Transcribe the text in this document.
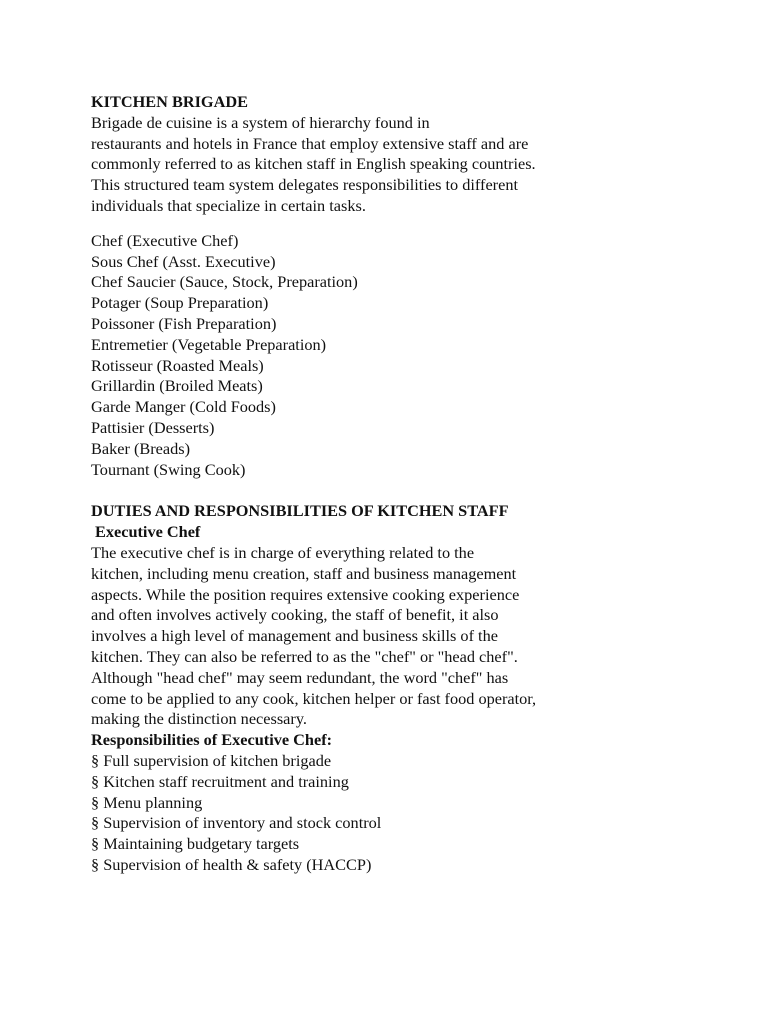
KITCHEN BRIGADE
Brigade de cuisine is a system of hierarchy found in
restaurants and hotels in France that employ extensive staff and are
commonly referred to as kitchen staff in English speaking countries.
This structured team system delegates responsibilities to different
individuals that specialize in certain tasks.
Chef (Executive Chef)
Sous Chef (Asst. Executive)
Chef Saucier (Sauce, Stock, Preparation)
Potager (Soup Preparation)
Poissoner (Fish Preparation)
Entremetier (Vegetable Preparation)
Rotisseur (Roasted Meals)
Grillardin (Broiled Meats)
Garde Manger (Cold Foods)
Pattisier (Desserts)
Baker (Breads)
Tournant (Swing Cook)
DUTIES AND RESPONSIBILITIES OF KITCHEN STAFF
Executive Chef
The executive chef is in charge of everything related to the
kitchen, including menu creation, staff and business management
aspects. While the position requires extensive cooking experience
and often involves actively cooking, the staff of benefit, it also
involves a high level of management and business skills of the
kitchen. They can also be referred to as the "chef" or "head chef".
Although "head chef" may seem redundant, the word "chef" has
come to be applied to any cook, kitchen helper or fast food operator,
making the distinction necessary.
Responsibilities of Executive Chef:
§ Full supervision of kitchen brigade
§ Kitchen staff recruitment and training
§ Menu planning
§ Supervision of inventory and stock control
§ Maintaining budgetary targets
§ Supervision of health & safety (HACCP)
